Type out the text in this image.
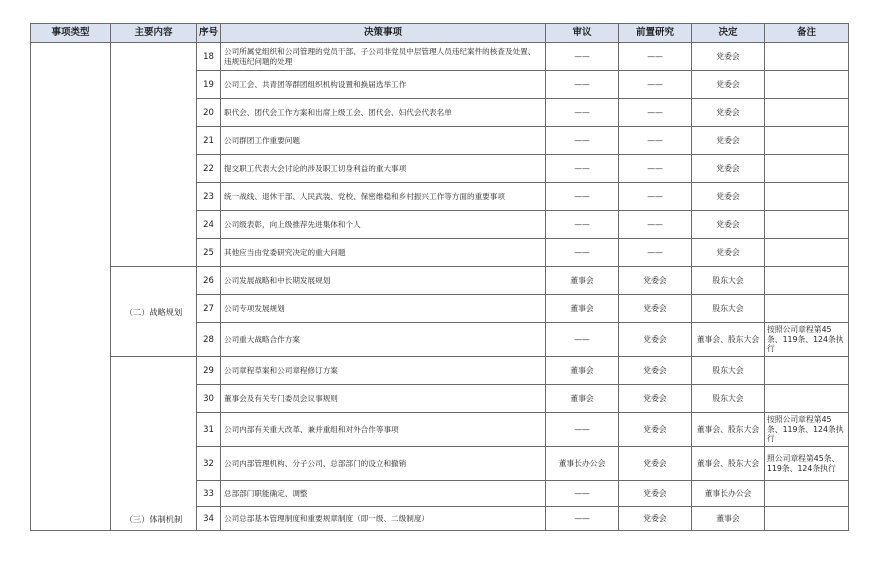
事项类型	主要内容	序号	决策事项	审议	前置研究	决定	备注
		18	公司所属党组织和公司管理的党员干部、子公司非党员中层管理人员违纪案件的核查及处置、违规违纪问题的处理	——	——	党委会	
		19	公司工会、共青团等群团组织机构设置和换届选举工作	——	——	党委会	
		20	职代会、团代会工作方案和出席上级工会、团代会、妇代会代表名单	——	——	党委会	
		21	公司群团工作重要问题	——	——	党委会	
		22	提交职工代表大会讨论的涉及职工切身利益的重大事项	——	——	党委会	
		23	统一战线、退休干部、人民武装、党校、保密维稳和乡村振兴工作等方面的重要事项	——	——	党委会	
		24	公司级表彰，向上级推荐先进集体和个人	——	——	党委会	
		25	其他应当由党委研究决定的重大问题	——	——	党委会	
	（二）战略规划	26	公司发展战略和中长期发展规划	董事会	党委会	股东大会	
		27	公司专项发展规划	董事会	党委会	股东大会	
		28	公司重大战略合作方案	——	党委会	董事会、股东大会	按照公司章程第45条、119条、124条执行
	（三）体制机制	29	公司章程草案和公司章程修订方案	董事会	党委会	股东大会	
		30	董事会及有关专门委员会议事规则	董事会	党委会	股东大会	
		31	公司内部有关重大改革、兼并重组和对外合作等事项	——	党委会	董事会、股东大会	按照公司章程第45条、119条、124条执行
		32	公司内部管理机构、分子公司、总部部门的设立和撤销	董事长办公会	党委会	董事会、股东大会	照公司章程第45条、119条、124条执行
		33	总部部门职能确定、调整	——	党委会	董事长办公会	
		34	公司总部基本管理制度和重要规章制度（即一级、二级制度）	——	党委会	董事会	
